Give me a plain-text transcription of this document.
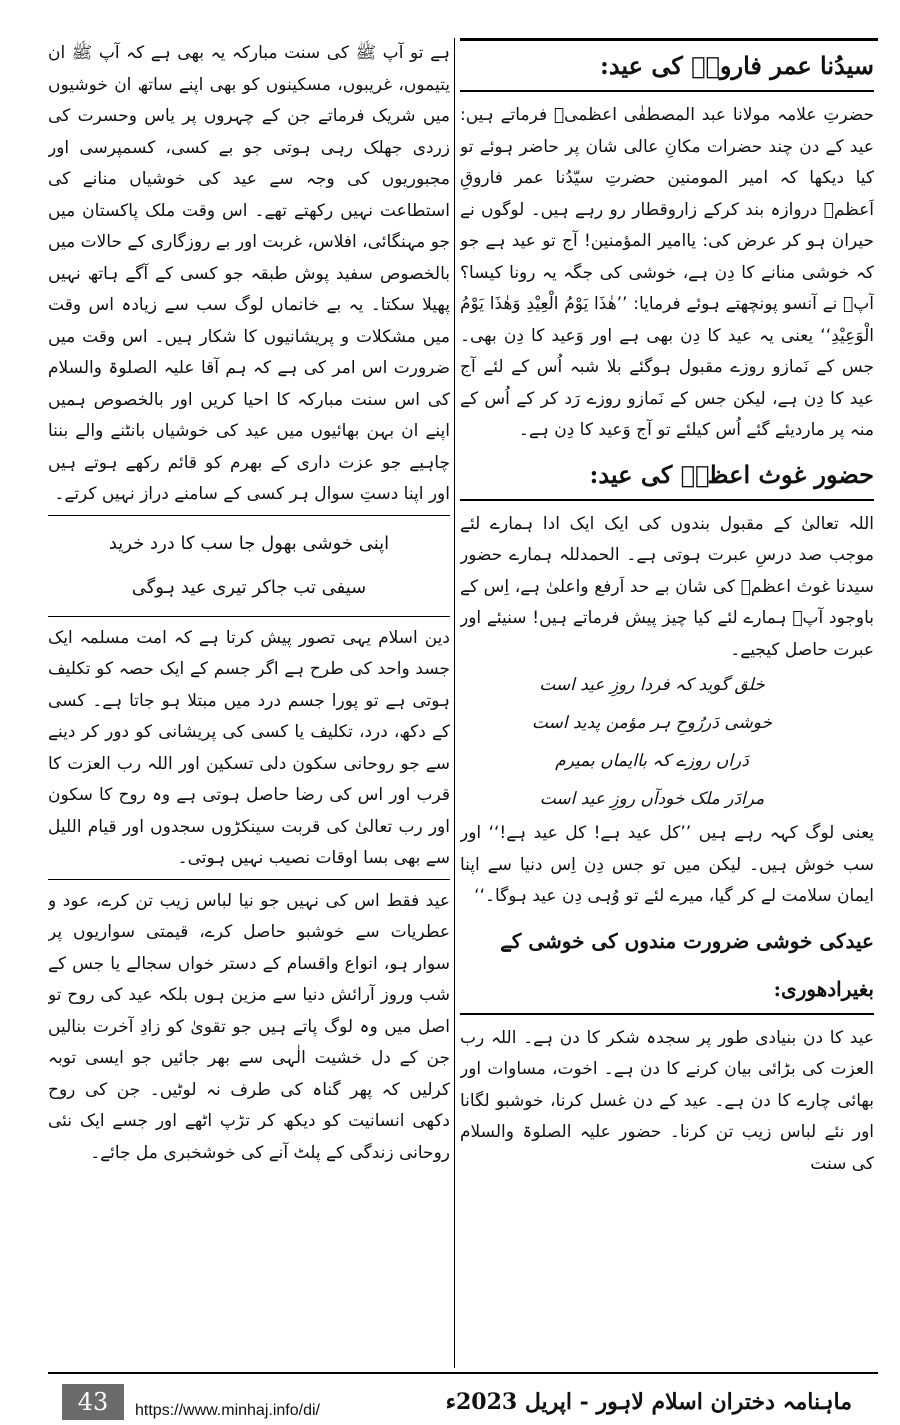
سیدُنا عمر فاروقؓ کی عید:

حضرتِ علامہ مولانا عبد المصطفٰی اعظمیؒ فرماتے ہیں: عید کے دن چند حضرات مکانِ عالی شان پر حاضر ہوئے تو کیا دیکھا کہ امیر المومنین حضرتِ سیّدُنا عمر فاروقِ اَعظمؓ دروازہ بند کرکے زاروقطار رو رہے ہیں۔ لوگوں نے حیران ہو کر عرض کی: یاامیر المؤمنین! آج تو عید ہے جو کہ خوشی منانے کا دِن ہے، خوشی کی جگہ یہ رونا کیسا؟ آپؓ نے آنسو پونچھتے ہوئے فرمایا: ’’ھٰذَا یَوْمُ الْعِیْدِ وَھٰذَا یَوْمُ الْوَعِیْدِ‘‘ یعنی یہ عید کا دِن بھی ہے اور وَعید کا دِن بھی۔ جس کے نَمازو روزے مقبول ہوگئے بلا شبہ اُس کے لئے آج عید کا دِن ہے، لیکن جس کے نَمازو روزے رَد کر کے اُس کے منہ پر ماردیئے گئے اُس کیلئے تو آج وَعید کا دِن ہے۔

حضور غوث اعظمؒ کی عید:

اللہ تعالیٰ کے مقبول بندوں کی ایک ایک ادا ہمارے لئے موجب صد درسِ عبرت ہوتی ہے۔ الحمدللہ ہمارے حضور سیدنا غوث اعظمؒ کی شان بے حد اَرفع واعلیٰ ہے، اِس کے باوجود آپؒ ہمارے لئے کیا چیز پیش فرماتے ہیں! سنیئے اور عبرت حاصل کیجیے۔

خلق گوید کہ فردا روزِ عید است

خوشی دَررُوحِ ہر مؤمن پدید است

دَراں روزے کہ باایماں بمیرم

مرادَر ملک خودآں روزِ عید است

یعنی لوگ کہہ رہے ہیں ’’کل عید ہے! کل عید ہے!‘‘ اور سب خوش ہیں۔ لیکن میں تو جس دِن اِس دنیا سے اپنا ایمان سلامت لے کر گیا، میرے لئے تو وُہی دِن عید ہوگا۔‘‘

عیدکی خوشی ضرورت مندوں کی خوشی کے بغیرادھوری:

عید کا دن بنیادی طور پر سجدہ شکر کا دن ہے۔ اللہ رب العزت کی بڑائی بیان کرنے کا دن ہے۔ اخوت، مساوات اور بھائی چارے کا دن ہے۔ عید کے دن غسل کرنا، خوشبو لگانا اور نئے لباس زیب تن کرنا۔ حضور علیہ الصلوۃ والسلام کی سنت

ہے تو آپ ﷺ کی سنت مبارکہ یہ بھی ہے کہ آپ ﷺ ان یتیموں، غریبوں، مسکینوں کو بھی اپنے ساتھ ان خوشیوں میں شریک فرماتے جن کے چہروں پر یاس وحسرت کی زردی جھلک رہی ہوتی جو بے کسی، کسمپرسی اور مجبوریوں کی وجہ سے عید کی خوشیاں منانے کی استطاعت نہیں رکھتے تھے۔ اس وقت ملک پاکستان میں جو مہنگائی، افلاس، غربت اور بے روزگاری کے حالات میں بالخصوص سفید پوش طبقہ جو کسی کے آگے ہاتھ نہیں پھیلا سکتا۔ یہ بے خانماں لوگ سب سے زیادہ اس وقت میں مشکلات و پریشانیوں کا شکار ہیں۔ اس وقت میں ضرورت اس امر کی ہے کہ ہم آقا علیہ الصلوۃ والسلام کی اس سنت مبارکہ کا احیا کریں اور بالخصوص ہمیں اپنے ان بہن بھائیوں میں عید کی خوشیاں بانٹنے والے بننا چاہیے جو عزت داری کے بھرم کو قائم رکھے ہوتے ہیں اور اپنا دستِ سوال ہر کسی کے سامنے دراز نہیں کرتے۔

اپنی خوشی بھول جا سب کا درد خرید

سیفی تب جاکر تیری عید ہوگی

دین اسلام یہی تصور پیش کرتا ہے کہ امت مسلمہ ایک جسد واحد کی طرح ہے اگر جسم کے ایک حصہ کو تکلیف ہوتی ہے تو پورا جسم درد میں مبتلا ہو جاتا ہے۔ کسی کے دکھ، درد، تکلیف یا کسی کی پریشانی کو دور کر دینے سے جو روحانی سکون دلی تسکین اور اللہ رب العزت کا قرب اور اس کی رضا حاصل ہوتی ہے وہ روح کا سکون اور رب تعالیٰ کی قربت سینکڑوں سجدوں اور قیام اللیل سے بھی بسا اوقات نصیب نہیں ہوتی۔

عید فقط اس کی نہیں جو نیا لباس زیب تن کرے، عود و عطریات سے خوشبو حاصل کرے، قیمتی سواریوں پر سوار ہو، انواع واقسام کے دستر خواں سجالے یا جس کے شب وروز آرائش دنیا سے مزین ہوں بلکہ عید کی روح تو اصل میں وہ لوگ پاتے ہیں جو تقویٰ کو زادِ آخرت بنالیں جن کے دل خشیت الٰہی سے بھر جائیں جو ایسی توبہ کرلیں کہ پھر گناہ کی طرف نہ لوٹیں۔ جن کی روح دکھی انسانیت کو دیکھ کر تڑپ اٹھے اور جسے ایک نئی روحانی زندگی کے پلٹ آنے کی خوشخبری مل جائے۔

43	ماہنامہ دختران اسلام لاہور - اپریل 2023ء
https://www.minhaj.info/di/
